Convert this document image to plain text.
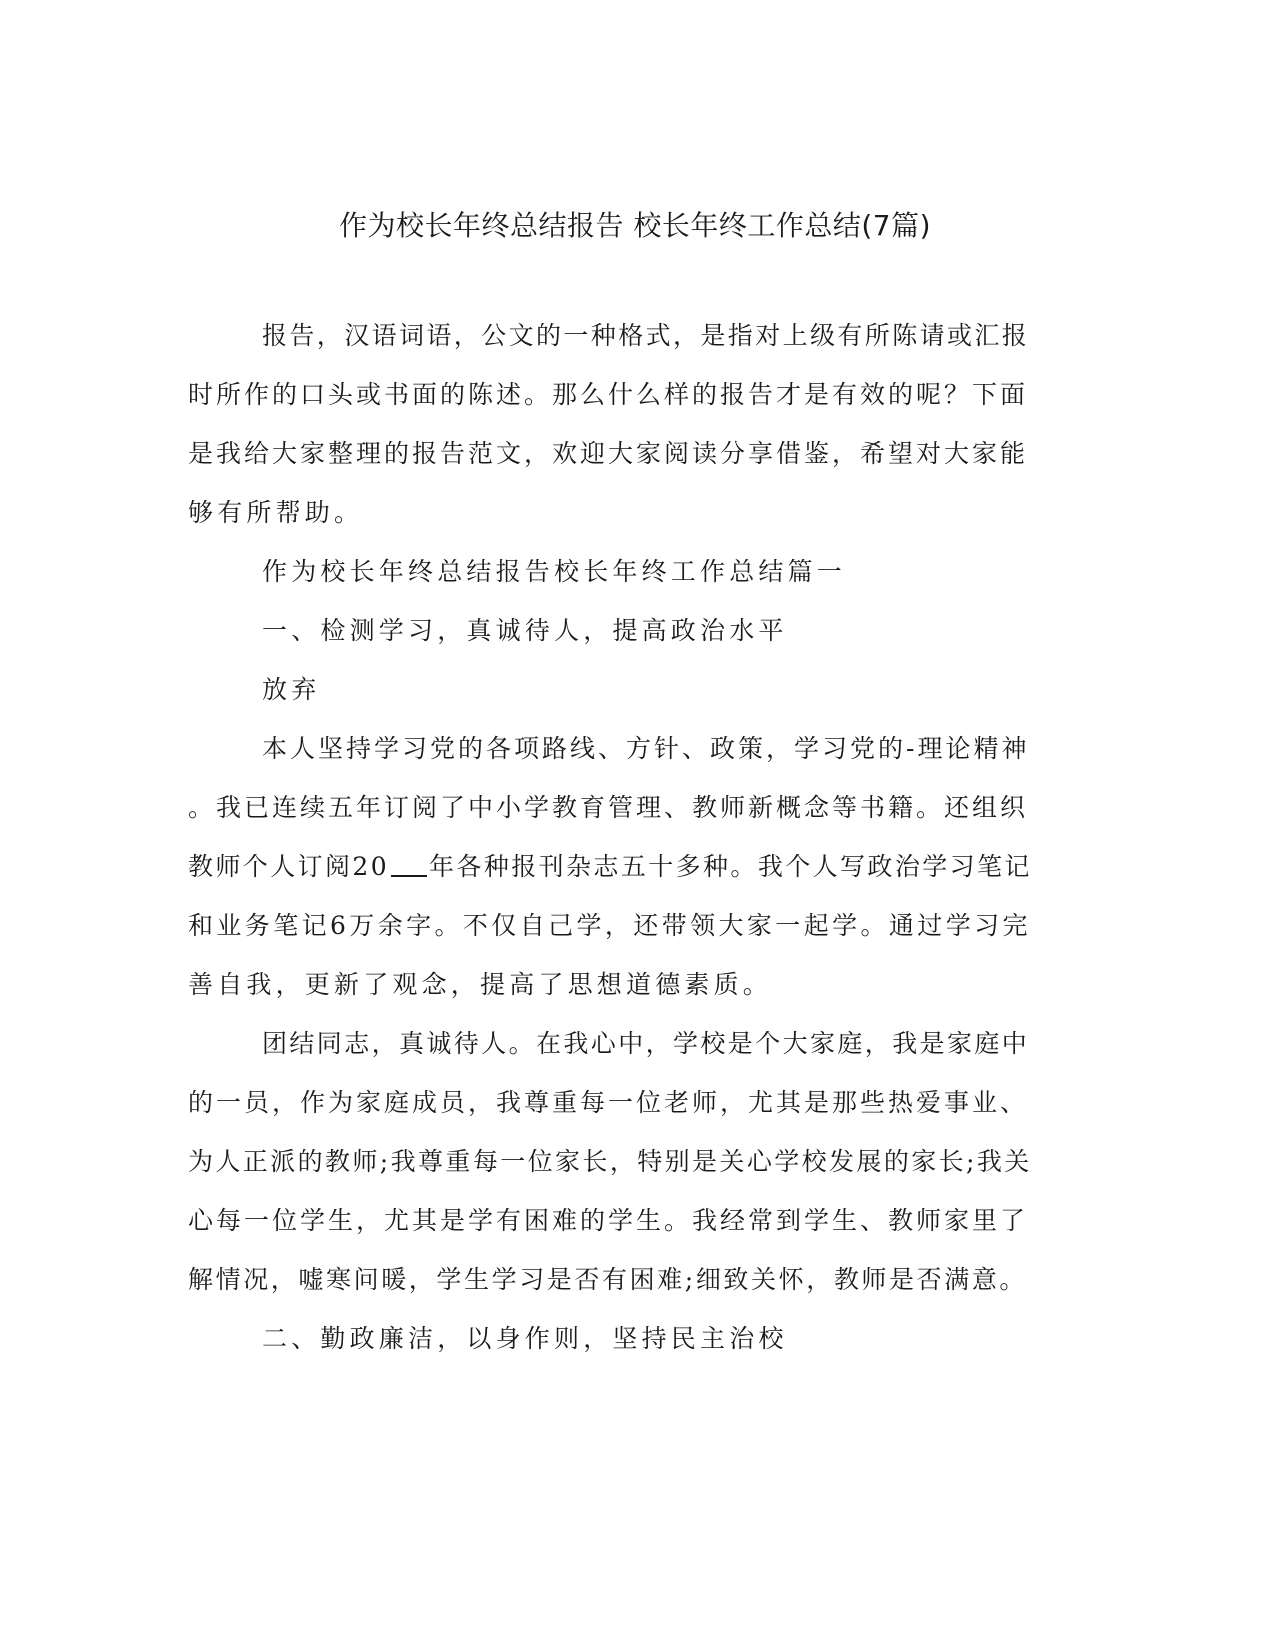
作为校长年终总结报告 校长年终工作总结(7篇)
报告，汉语词语，公文的一种格式，是指对上级有所陈请或汇报
时所作的口头或书面的陈述。那么什么样的报告才是有效的呢？下面
是我给大家整理的报告范文，欢迎大家阅读分享借鉴，希望对大家能
够有所帮助。
作为校长年终总结报告校长年终工作总结篇一
一、检测学习，真诚待人，提高政治水平
放弃
本人坚持学习党的各项路线、方针、政策，学习党的-理论精神
。我已连续五年订阅了中小学教育管理、教师新概念等书籍。还组织
教师个人订阅20 年各种报刊杂志五十多种。我个人写政治学习笔记
和业务笔记6万余字。不仅自己学，还带领大家一起学。通过学习完
善自我，更新了观念，提高了思想道德素质。
团结同志，真诚待人。在我心中，学校是个大家庭，我是家庭中
的一员，作为家庭成员，我尊重每一位老师，尤其是那些热爱事业、
为人正派的教师;我尊重每一位家长，特别是关心学校发展的家长;我关
心每一位学生，尤其是学有困难的学生。我经常到学生、教师家里了
解情况，嘘寒问暖，学生学习是否有困难;细致关怀，教师是否满意。
二、勤政廉洁，以身作则，坚持民主治校
